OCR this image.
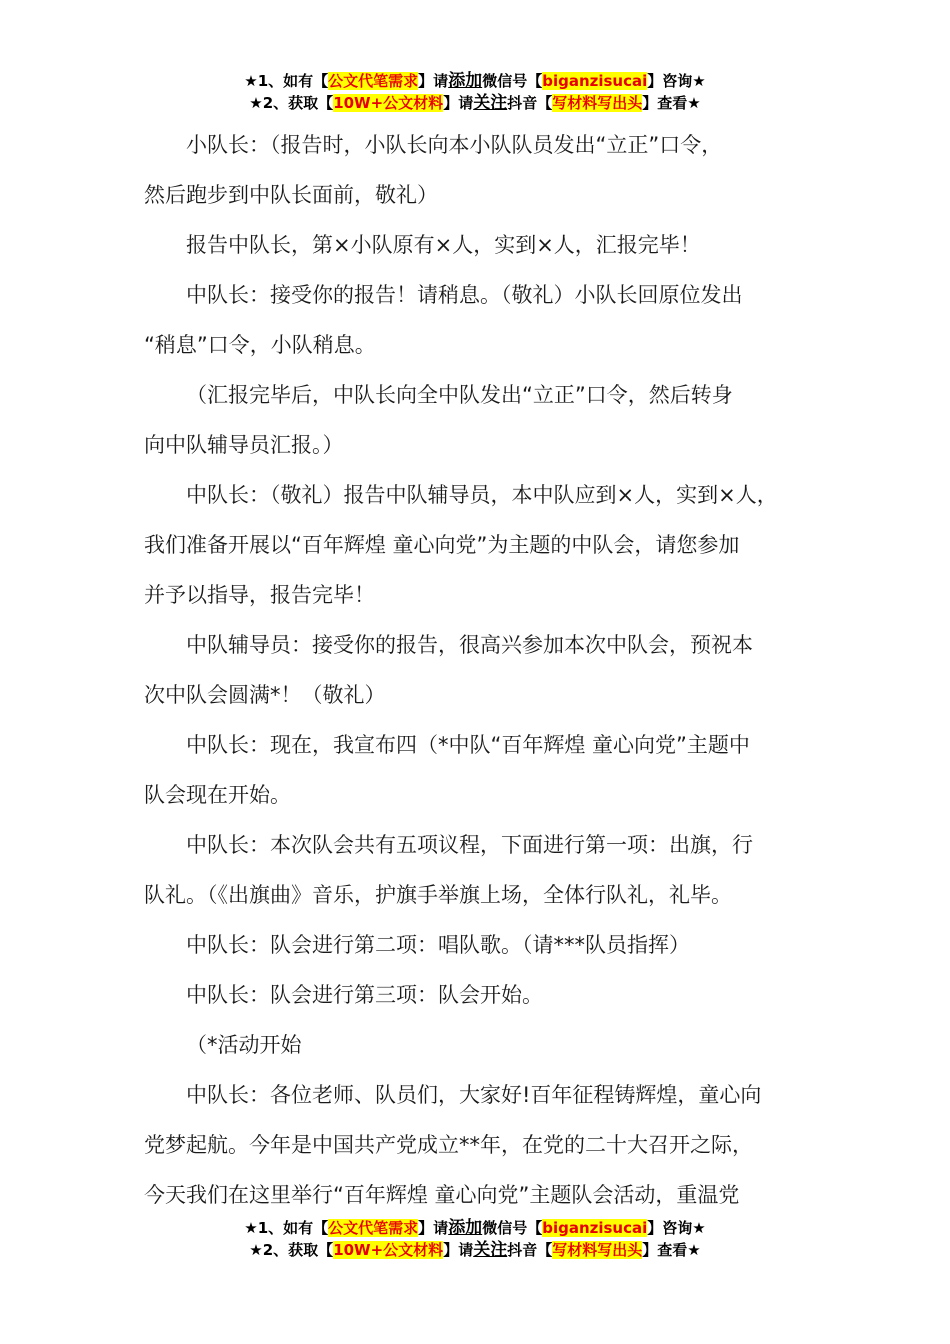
★1、如有【公文代笔需求】请添加微信号【biganzisucai】咨询★
★2、获取【10W+公文材料】请关注抖音【写材料写出头】查看★

小队长：（报告时，小队长向本小队队员发出“立正”口令，

然后跑步到中队长面前，敬礼）

报告中队长，第×小队原有×人，实到×人，汇报完毕！

中队长：接受你的报告！请稍息。（敬礼）小队长回原位发出

“稍息”口令，小队稍息。

（汇报完毕后，中队长向全中队发出“立正”口令，然后转身

向中队辅导员汇报。）

中队长：（敬礼）报告中队辅导员，本中队应到×人，实到×人，

我们准备开展以“百年辉煌 童心向党”为主题的中队会，请您参加

并予以指导，报告完毕！

中队辅导员：接受你的报告，很高兴参加本次中队会，预祝本

次中队会圆满*！（敬礼）

中队长：现在，我宣布四（*中队“百年辉煌 童心向党”主题中

队会现在开始。

中队长：本次队会共有五项议程，下面进行第一项：出旗，行

队礼。（《出旗曲》音乐，护旗手举旗上场，全体行队礼，礼毕。

中队长：队会进行第二项：唱队歌。（请***队员指挥）

中队长：队会进行第三项：队会开始。

（*活动开始

中队长：各位老师、队员们，大家好!百年征程铸辉煌，童心向

党梦起航。今年是中国共产党成立**年，在党的二十大召开之际，

今天我们在这里举行“百年辉煌 童心向党”主题队会活动，重温党

★1、如有【公文代笔需求】请添加微信号【biganzisucai】咨询★
★2、获取【10W+公文材料】请关注抖音【写材料写出头】查看★
